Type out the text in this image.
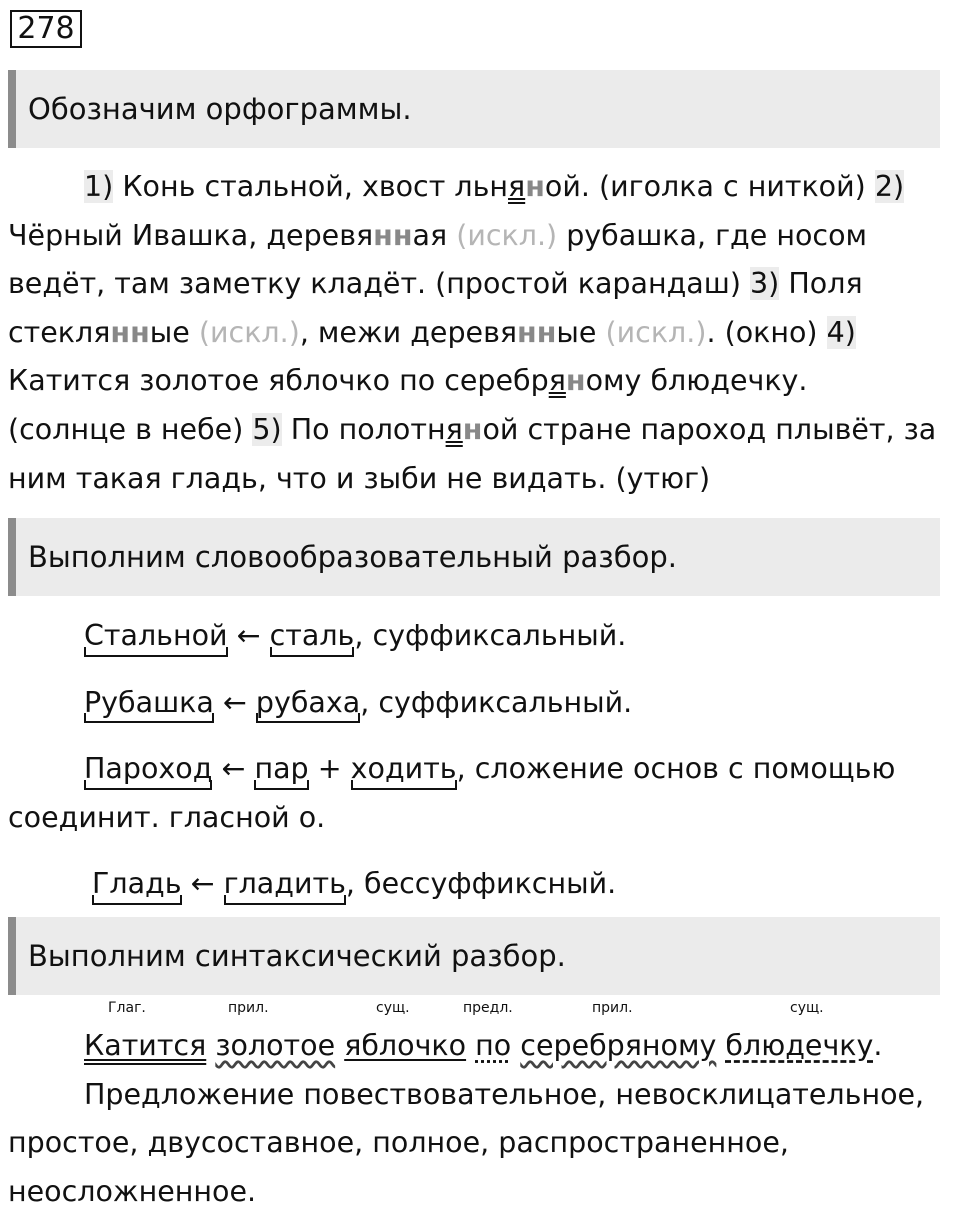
278
Обозначим орфограммы.
1) Конь стальной, хвост льняной. (иголка с ниткой) 2)
Чёрный Ивашка, деревянная (искл.) рубашка, где носом
ведёт, там заметку кладёт. (простой карандаш) 3) Поля
стеклянные (искл.), межи деревянные (искл.). (окно) 4)
Катится золотое яблочко по серебряному блюдечку.
(солнце в небе) 5) По полотняной стране пароход плывёт, за
ним такая гладь, что и зыби не видать. (утюг)
Выполним словообразовательный разбор.
Стальной ← сталь, суффиксальный.
Рубашка ← рубаха, суффиксальный.
Пароход ← пар + ходить, сложение основ с помощью
соединит. гласной о.
Гладь ← гладить, бессуффиксный.
Выполним синтаксический разбор.
Глаг.	прил.	сущ.	предл.	прил.	сущ.
Катится золотое яблочко по серебряному блюдечку.
Предложение повествовательное, невосклицательное,
простое, двусоставное, полное, распространенное,
неосложненное.
